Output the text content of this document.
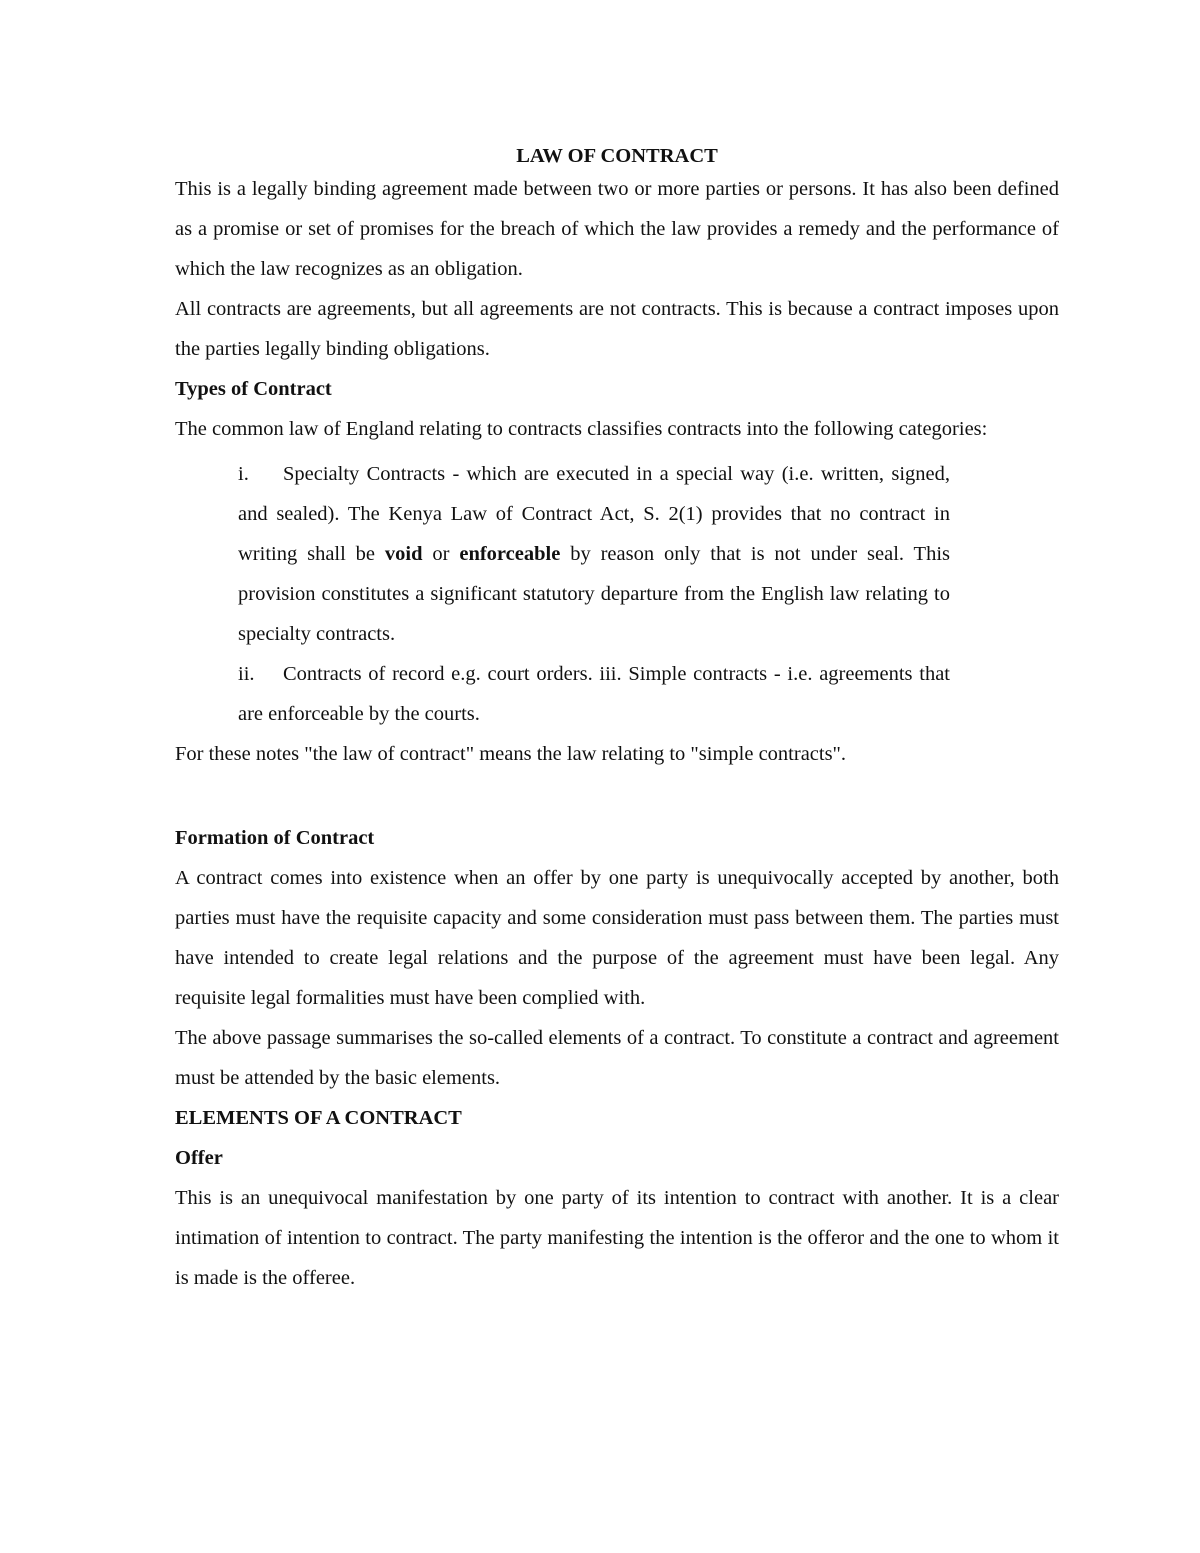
LAW OF CONTRACT

This is a legally binding agreement made between two or more parties or persons. It has also been defined as a promise or set of promises for the breach of which the law provides a remedy and the performance of which the law recognizes as an obligation.

All contracts are agreements, but all agreements are not contracts. This is because a contract imposes upon the parties legally binding obligations.

Types of Contract

The common law of England relating to contracts classifies contracts into the following categories:

i. Specialty Contracts - which are executed in a special way (i.e. written, signed, and sealed). The Kenya Law of Contract Act, S. 2(1) provides that no contract in writing shall be void or enforceable by reason only that is not under seal. This provision constitutes a significant statutory departure from the English law relating to specialty contracts.

ii. Contracts of record e.g. court orders. iii. Simple contracts - i.e. agreements that are enforceable by the courts.

For these notes "the law of contract" means the law relating to "simple contracts".

Formation of Contract

A contract comes into existence when an offer by one party is unequivocally accepted by another, both parties must have the requisite capacity and some consideration must pass between them. The parties must have intended to create legal relations and the purpose of the agreement must have been legal. Any requisite legal formalities must have been complied with.

The above passage summarises the so-called elements of a contract. To constitute a contract and agreement must be attended by the basic elements.

ELEMENTS OF A CONTRACT

Offer

This is an unequivocal manifestation by one party of its intention to contract with another. It is a clear intimation of intention to contract. The party manifesting the intention is the offeror and the one to whom it is made is the offeree.
